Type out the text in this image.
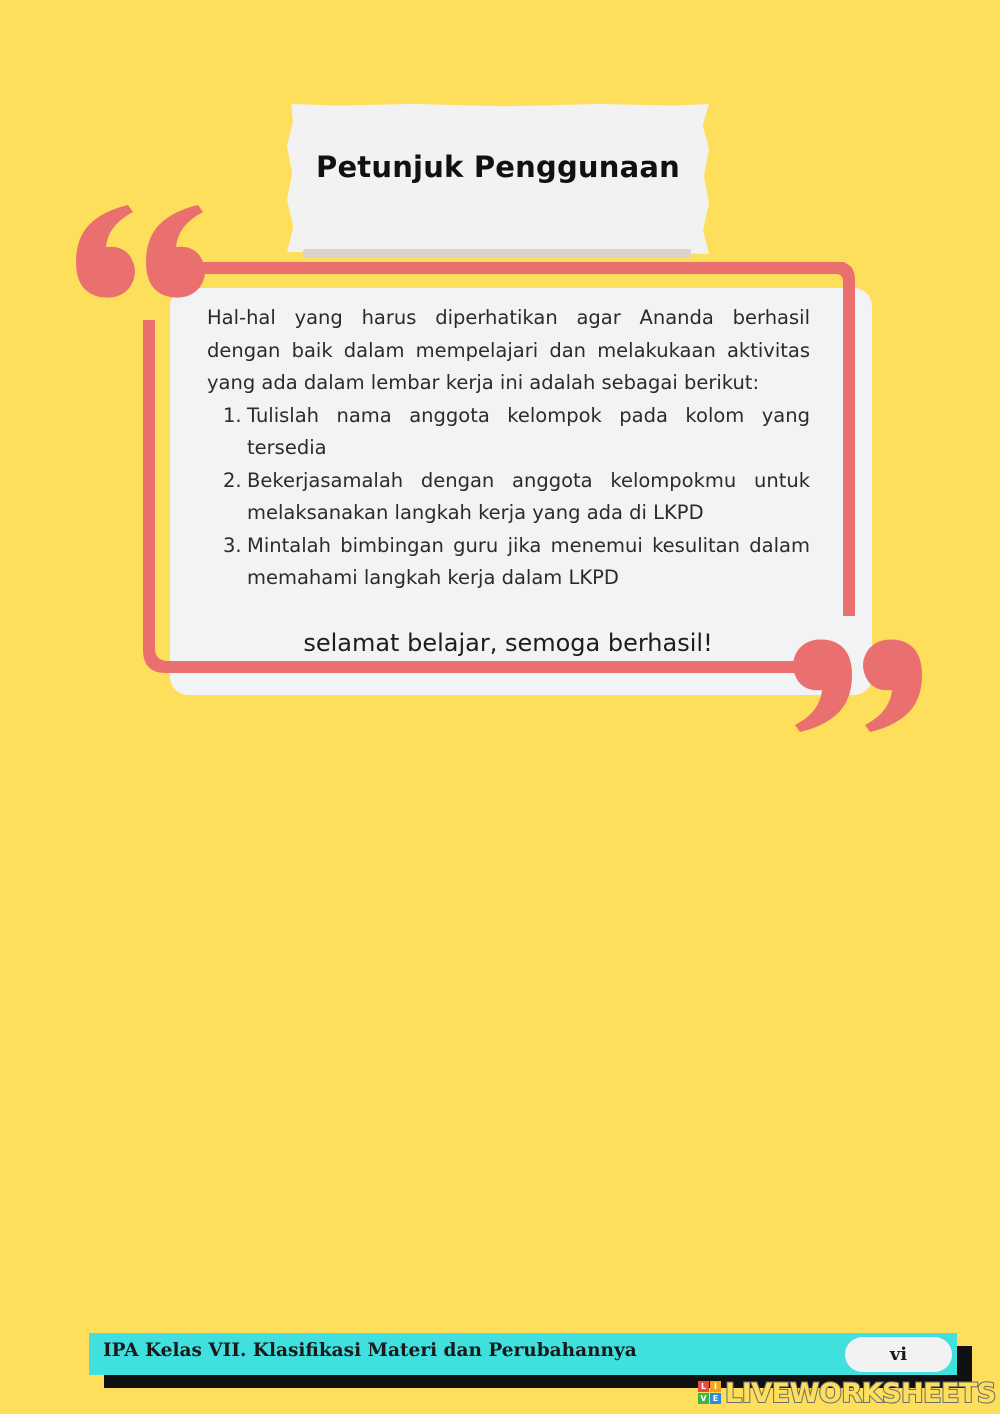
Petunjuk Penggunaan

Hal-hal yang harus diperhatikan agar Ananda berhasil dengan baik dalam mempelajari dan melakukaan aktivitas yang ada dalam lembar kerja ini adalah sebagai berikut:

1. Tulislah nama anggota kelompok pada kolom yang tersedia
2. Bekerjasamalah dengan anggota kelompokmu untuk melaksanakan langkah kerja yang ada di LKPD
3. Mintalah bimbingan guru jika menemui kesulitan dalam memahami langkah kerja dalam LKPD
selamat belajar, semoga berhasil!
IPA Kelas VII. Klasifikasi Materi dan Perubahannya	vi
L I
V E LIVEWORKSHEETS
